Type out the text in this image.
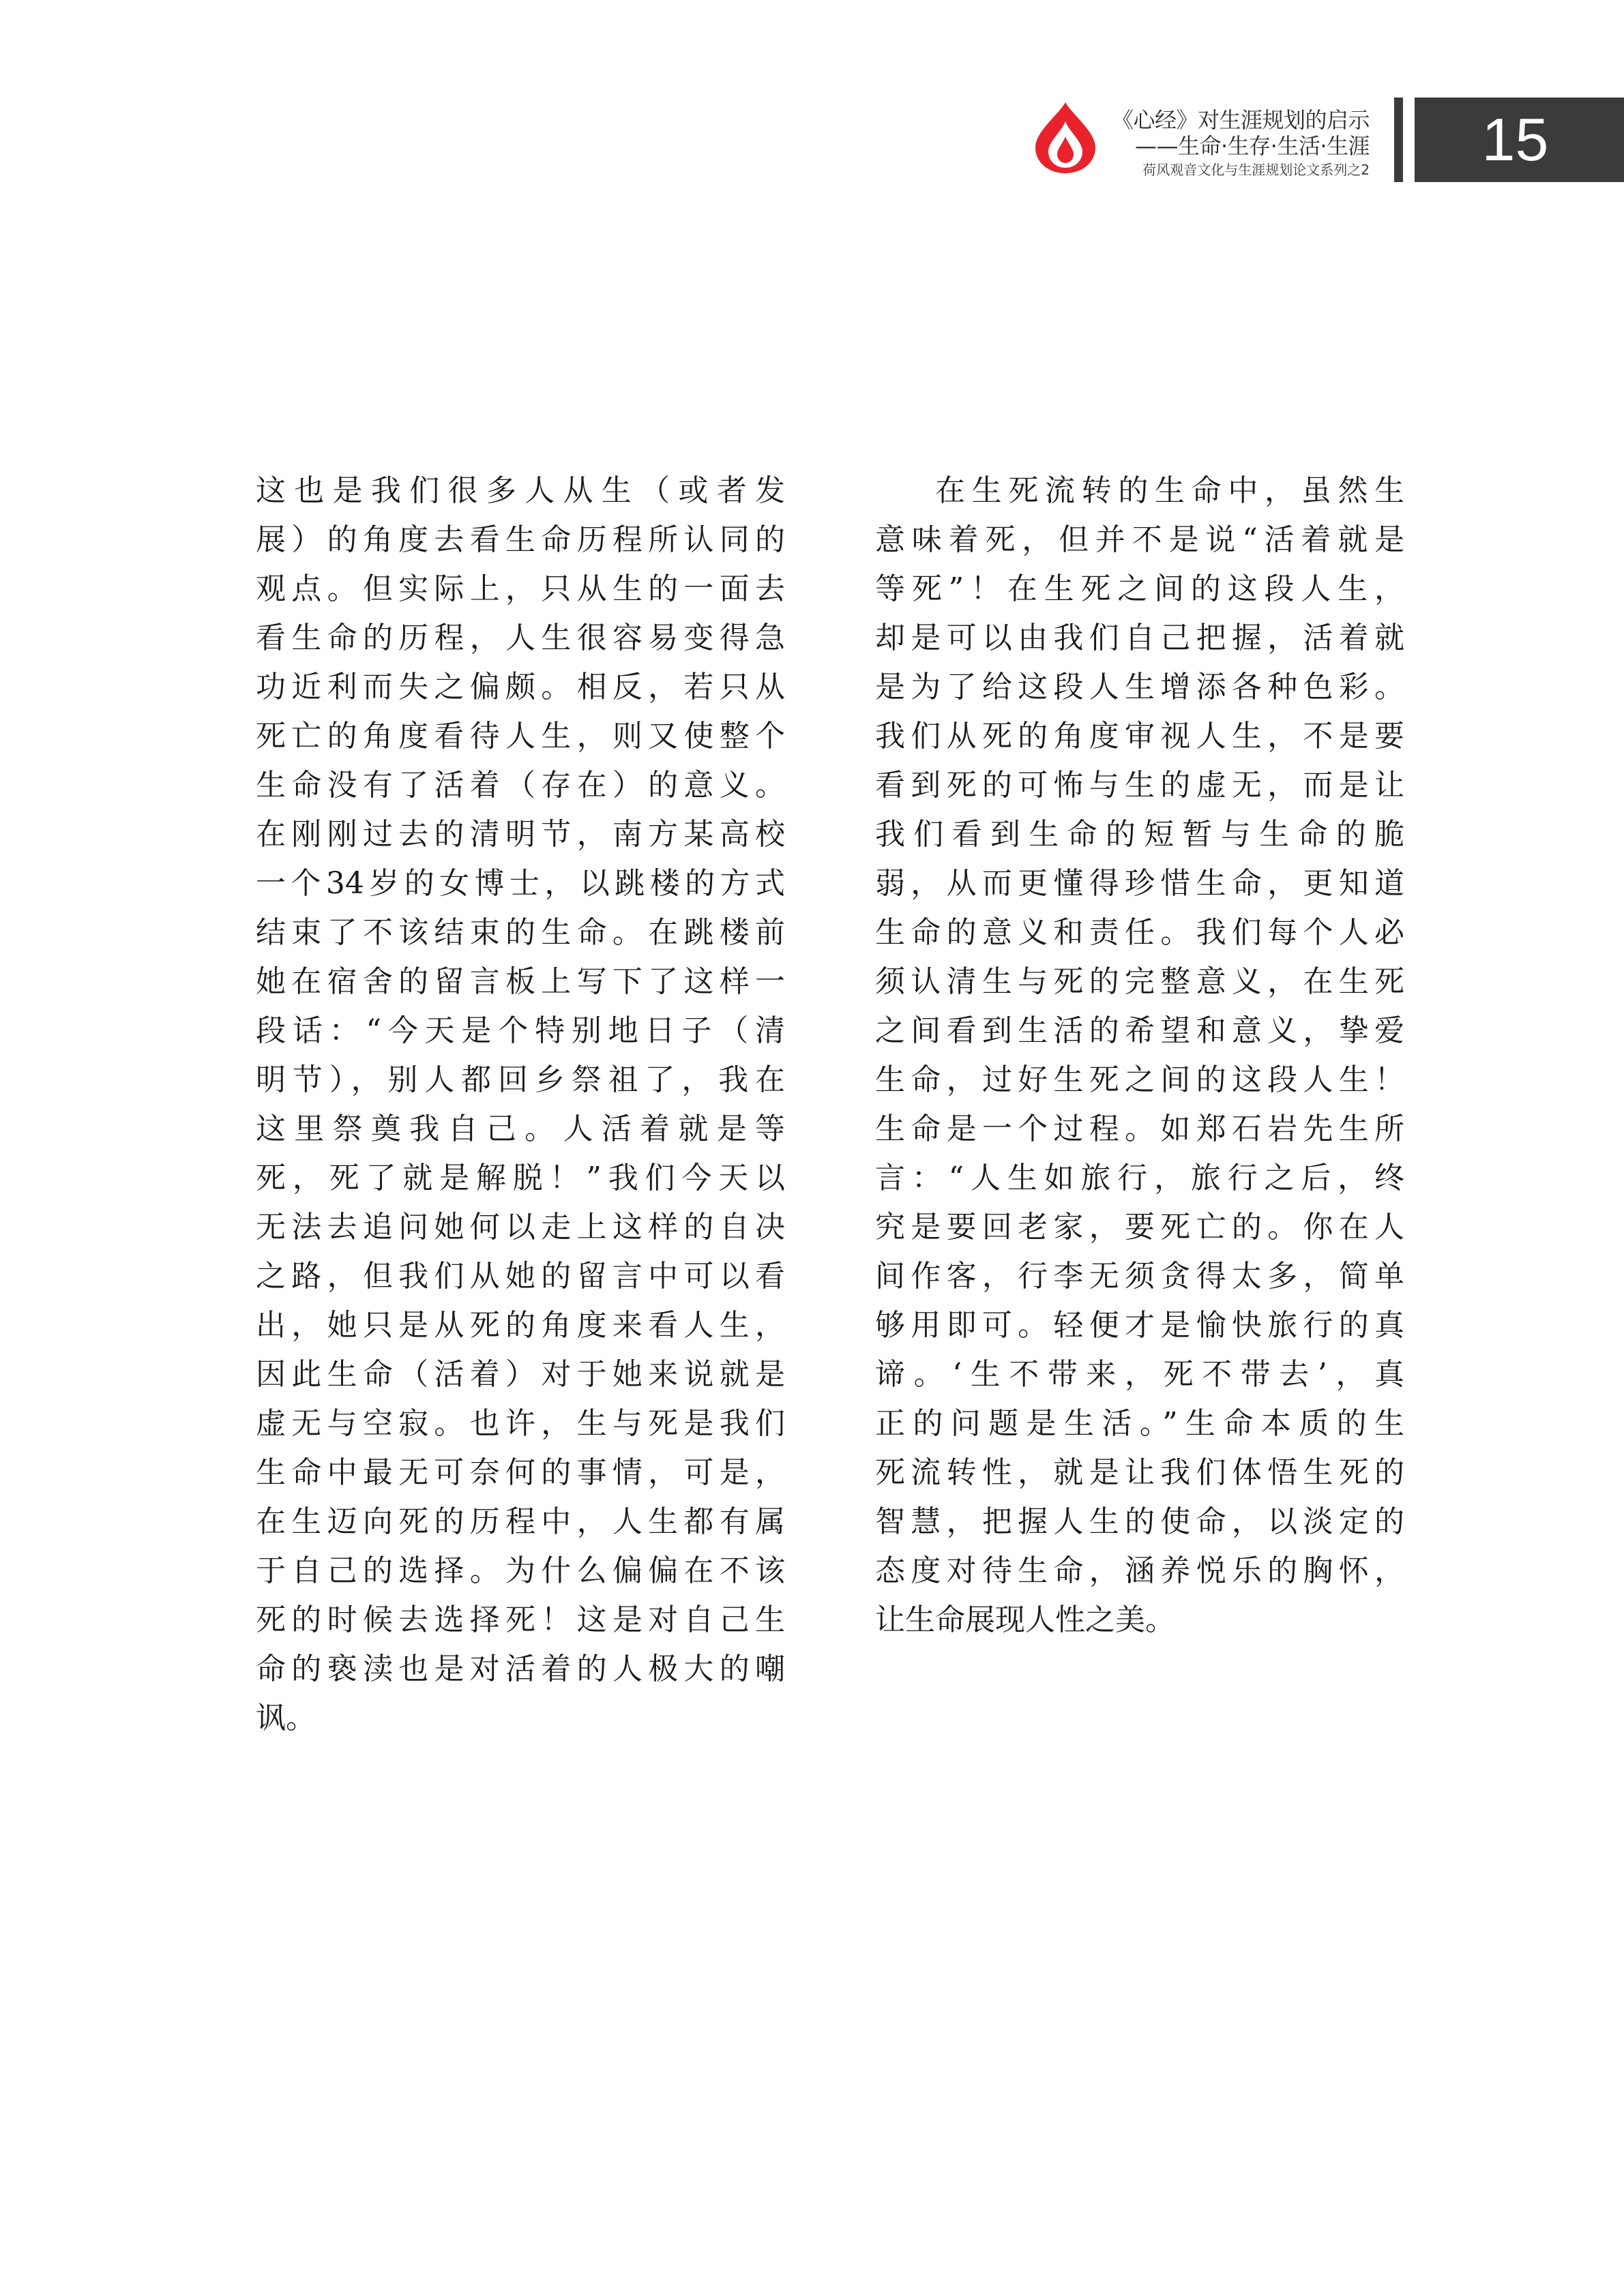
《心经》对生涯规划的启示
——生命·生存·生活·生涯
荷风观音文化与生涯规划论文系列之2	15
这也是我们很多人从生（或者发
展）的角度去看生命历程所认同的
观点。但实际上，只从生的一面去
看生命的历程，人生很容易变得急
功近利而失之偏颇。相反，若只从
死亡的角度看待人生，则又使整个
生命没有了活着（存在）的意义。
在刚刚过去的清明节，南方某高校
一个34岁的女博士，以跳楼的方式
结束了不该结束的生命。在跳楼前
她在宿舍的留言板上写下了这样一
段话：“今天是个特别地日子（清
明节），别人都回乡祭祖了，我在
这里祭奠我自己。人活着就是等
死，死了就是解脱！”我们今天以
无法去追问她何以走上这样的自决
之路，但我们从她的留言中可以看
出，她只是从死的角度来看人生，
因此生命（活着）对于她来说就是
虚无与空寂。也许，生与死是我们
生命中最无可奈何的事情，可是，
在生迈向死的历程中，人生都有属
于自己的选择。为什么偏偏在不该
死的时候去选择死！这是对自己生
命的亵渎也是对活着的人极大的嘲
讽。
在生死流转的生命中，虽然生
意味着死，但并不是说“活着就是
等死”！在生死之间的这段人生，
却是可以由我们自己把握，活着就
是为了给这段人生增添各种色彩。
我们从死的角度审视人生，不是要
看到死的可怖与生的虚无，而是让
我们看到生命的短暂与生命的脆
弱，从而更懂得珍惜生命，更知道
生命的意义和责任。我们每个人必
须认清生与死的完整意义，在生死
之间看到生活的希望和意义，挚爱
生命，过好生死之间的这段人生！
生命是一个过程。如郑石岩先生所
言：“人生如旅行，旅行之后，终
究是要回老家，要死亡的。你在人
间作客，行李无须贪得太多，简单
够用即可。轻便才是愉快旅行的真
谛。‘生不带来，死不带去’，真
正的问题是生活。”生命本质的生
死流转性，就是让我们体悟生死的
智慧，把握人生的使命，以淡定的
态度对待生命，涵养悦乐的胸怀，
让生命展现人性之美。
